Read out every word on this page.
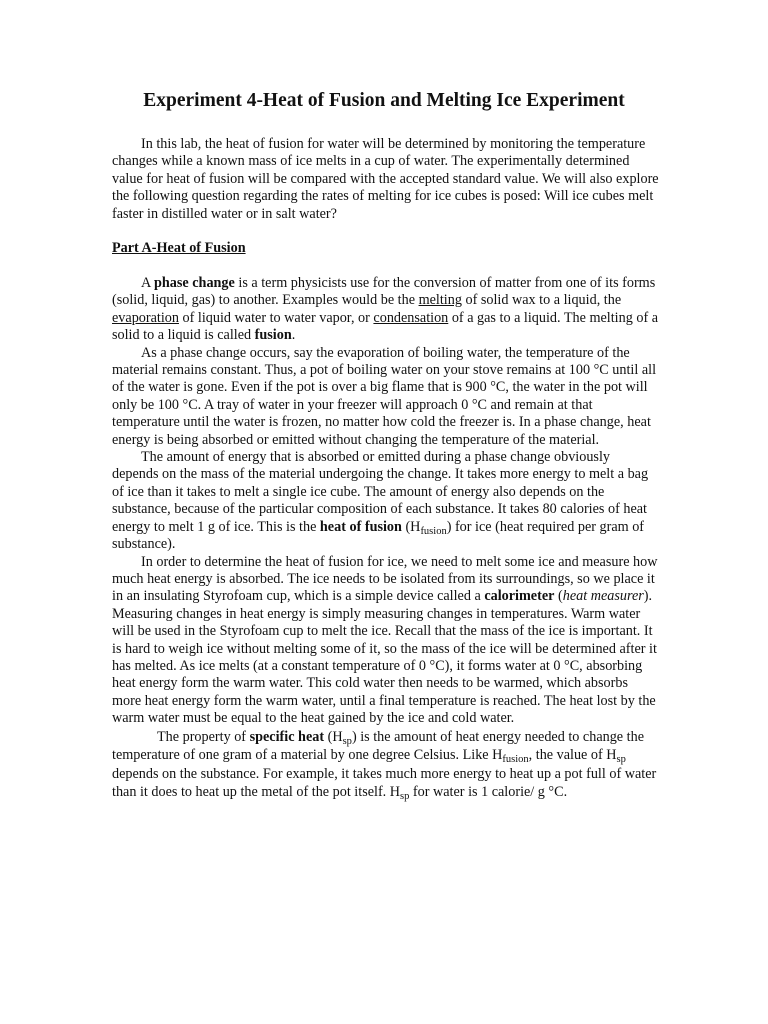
Experiment 4-Heat of Fusion and Melting Ice Experiment

In this lab, the heat of fusion for water will be determined by monitoring the temperature changes while a known mass of ice melts in a cup of water. The experimentally determined value for heat of fusion will be compared with the accepted standard value. We will also explore the following question regarding the rates of melting for ice cubes is posed: Will ice cubes melt faster in distilled water or in salt water?

Part A-Heat of Fusion

A phase change is a term physicists use for the conversion of matter from one of its forms (solid, liquid, gas) to another. Examples would be the melting of solid wax to a liquid, the evaporation of liquid water to water vapor, or condensation of a gas to a liquid. The melting of a solid to a liquid is called fusion.

As a phase change occurs, say the evaporation of boiling water, the temperature of the material remains constant. Thus, a pot of boiling water on your stove remains at 100 °C until all of the water is gone. Even if the pot is over a big flame that is 900 °C, the water in the pot will only be 100 °C. A tray of water in your freezer will approach 0 °C and remain at that temperature until the water is frozen, no matter how cold the freezer is. In a phase change, heat energy is being absorbed or emitted without changing the temperature of the material.

The amount of energy that is absorbed or emitted during a phase change obviously depends on the mass of the material undergoing the change. It takes more energy to melt a bag of ice than it takes to melt a single ice cube. The amount of energy also depends on the substance, because of the particular composition of each substance. It takes 80 calories of heat energy to melt 1 g of ice. This is the heat of fusion $(H_{fusion})$ for ice (heat required per gram of substance).

In order to determine the heat of fusion for ice, we need to melt some ice and measure how much heat energy is absorbed. The ice needs to be isolated from its surroundings, so we place it in an insulating Styrofoam cup, which is a simple device called a calorimeter (heat measurer). Measuring changes in heat energy is simply measuring changes in temperatures. Warm water will be used in the Styrofoam cup to melt the ice. Recall that the mass of the ice is important. It is hard to weigh ice without melting some of it, so the mass of the ice will be determined after it has melted. As ice melts (at a constant temperature of 0 °C), it forms water at 0 °C, absorbing heat energy form the warm water. This cold water then needs to be warmed, which absorbs more heat energy form the warm water, until a final temperature is reached. The heat lost by the warm water must be equal to the heat gained by the ice and cold water.

The property of specific heat $(H_{sp})$ is the amount of heat energy needed to change the temperature of one gram of a material by one degree Celsius. Like $H_{fusion}$, the value of $H_{sp}$ depends on the substance. For example, it takes much more energy to heat up a pot full of water than it does to heat up the metal of the pot itself. $H_{sp}$ for water is 1 calorie/ g °C.
